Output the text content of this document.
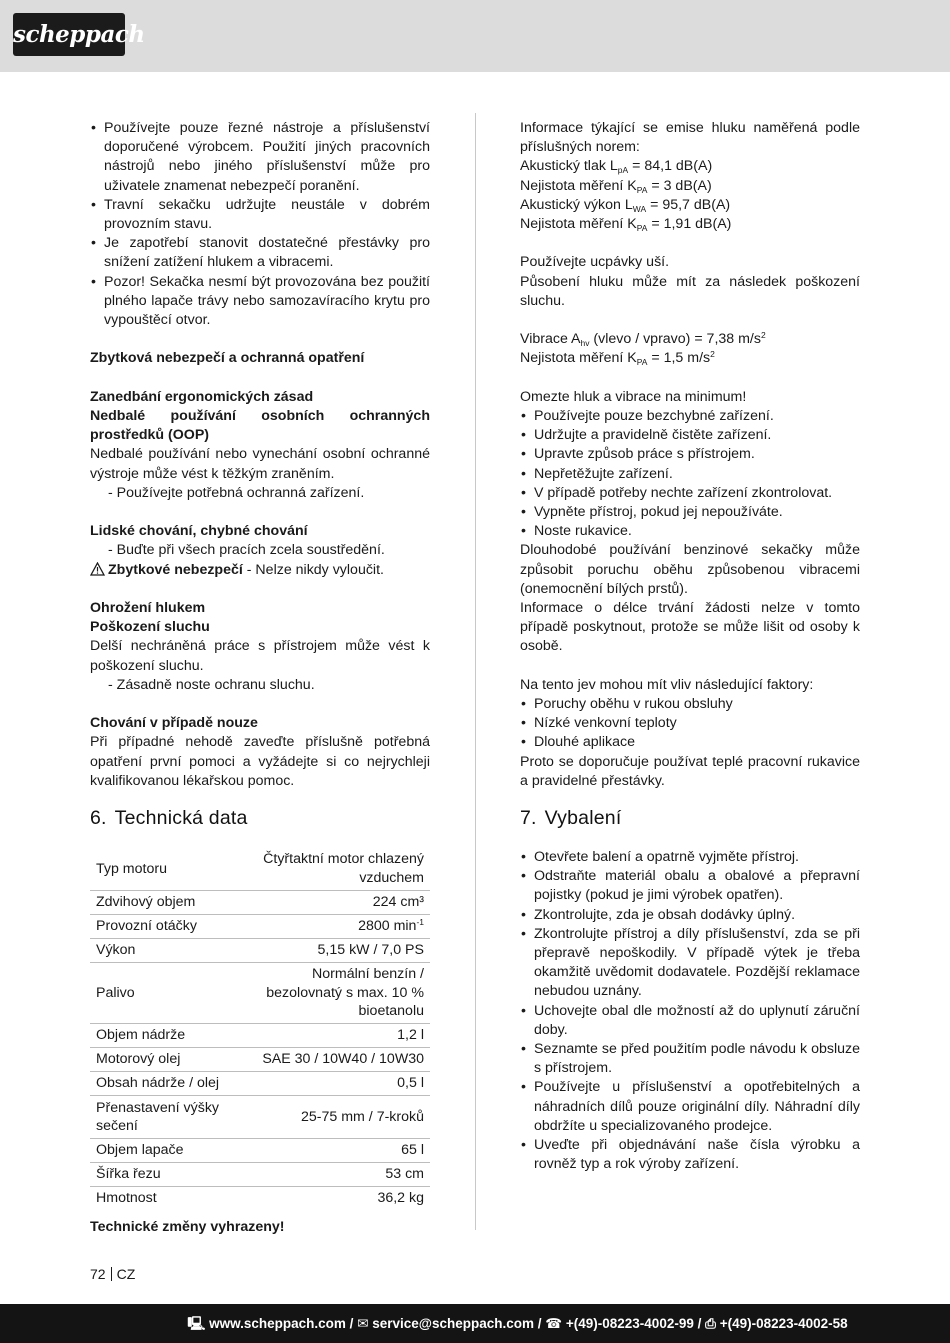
scheppach
• Používejte pouze řezné nástroje a příslušenství doporučené výrobcem. Použití jiných pracovních nástrojů nebo jiného příslušenství může pro uživatele znamenat nebezpečí poranění.
• Travní sekačku udržujte neustále v dobrém provozním stavu.
• Je zapotřebí stanovit dostatečné přestávky pro snížení zatížení hlukem a vibracemi.
• Pozor! Sekačka nesmí být provozována bez použití plného lapače trávy nebo samozavíracího krytu pro vypouštěcí otvor.
Zbytková nebezpečí a ochranná opatření
Zanedbání ergonomických zásad
Nedbalé používání osobních ochranných prostředků (OOP)

Nedbalé používání nebo vynechání osobní ochranné výstroje může vést k těžkým zraněním.

- Používejte potřebná ochranná zařízení.
Lidské chování, chybné chování
- Buďte při všech pracích zcela soustředění.
Zbytkové nebezpečí - Nelze nikdy vyloučit.
Ohrožení hlukem
Poškození sluchu

Delší nechráněná práce s přístrojem může vést k poškození sluchu.

- Zásadně noste ochranu sluchu.
Chování v případě nouze

Při případné nehodě zaveďte příslušně potřebná opatření první pomoci a vyžádejte si co nejrychleji kvalifikovanou lékařskou pomoc.

6. Technická data
Typ motoru	Čtyřtaktní motor chlazený vzduchem
Zdvihový objem	224 cm³
Provozní otáčky	2800 $\min^{-1}$
Výkon	5,15 kW / 7,0 PS
Palivo	Normální benzín / bezolovnatý s max. 10 % bioetanolu
Objem nádrže	1,2 l
Motorový olej	SAE 30 / 10W40 / 10W30
Obsah nádrže / olej	0,5 l
Přenastavení výšky sečení	25-75 mm / 7-kroků
Objem lapače	65 l
Šířka řezu	53 cm
Hmotnost	36,2 kg
Technické změny vyhrazeny!

Informace týkající se emise hluku naměřená podle příslušných norem:

Akustický tlak $L_{pA} = 84,1$ dB(A)
Nejistota měření $K_{PA} = 3$ dB(A)
Akustický výkon $L_{WA} = 95,7$ dB(A)
Nejistota měření $K_{PA} = 1,91$ dB(A)
Používejte ucpávky uší.

Působení hluku může mít za následek poškození sluchu.

Vibrace $A_{hv}$ (vlevo / vpravo) = 7,38 $m/s^2$
Nejistota měření $K_{PA} = 1,5$ $m/s^2$
Omezte hluk a vibrace na minimum!
• Používejte pouze bezchybné zařízení.
• Udržujte a pravidelně čistěte zařízení.
• Upravte způsob práce s přístrojem.
• Nepřetěžujte zařízení.
• V případě potřeby nechte zařízení zkontrolovat.
• Vypněte přístroj, pokud jej nepoužíváte.
• Noste rukavice.

Dlouhodobé používání benzinové sekačky může způsobit poruchu oběhu způsobenou vibracemi (onemocnění bílých prstů).

Informace o délce trvání žádosti nelze v tomto případě poskytnout, protože se může lišit od osoby k osobě.

Na tento jev mohou mít vliv následující faktory:
• Poruchy oběhu v rukou obsluhy
• Nízké venkovní teploty
• Dlouhé aplikace

Proto se doporučuje používat teplé pracovní rukavice a pravidelné přestávky.

7. Vybalení
• Otevřete balení a opatrně vyjměte přístroj.
• Odstraňte materiál obalu a obalové a přepravní pojistky (pokud je jimi výrobek opatřen).
• Zkontrolujte, zda je obsah dodávky úplný.
• Zkontrolujte přístroj a díly příslušenství, zda se při přepravě nepoškodily. V případě výtek je třeba okamžitě uvědomit dodavatele. Pozdější reklamace nebudou uznány.
• Uchovejte obal dle možností až do uplynutí záruční doby.
• Seznamte se před použitím podle návodu k obsluze s přístrojem.
• Používejte u příslušenství a opotřebitelných a náhradních dílů pouze originální díly. Náhradní díly obdržíte u specializovaného prodejce.
• Uveďte při objednávání naše čísla výrobku a rovněž typ a rok výroby zařízení.
72 CZ
🖳 www.scheppach.com / ✉ service@scheppach.com / ☎ +(49)-08223-4002-99 / ⎙ +(49)-08223-4002-58
